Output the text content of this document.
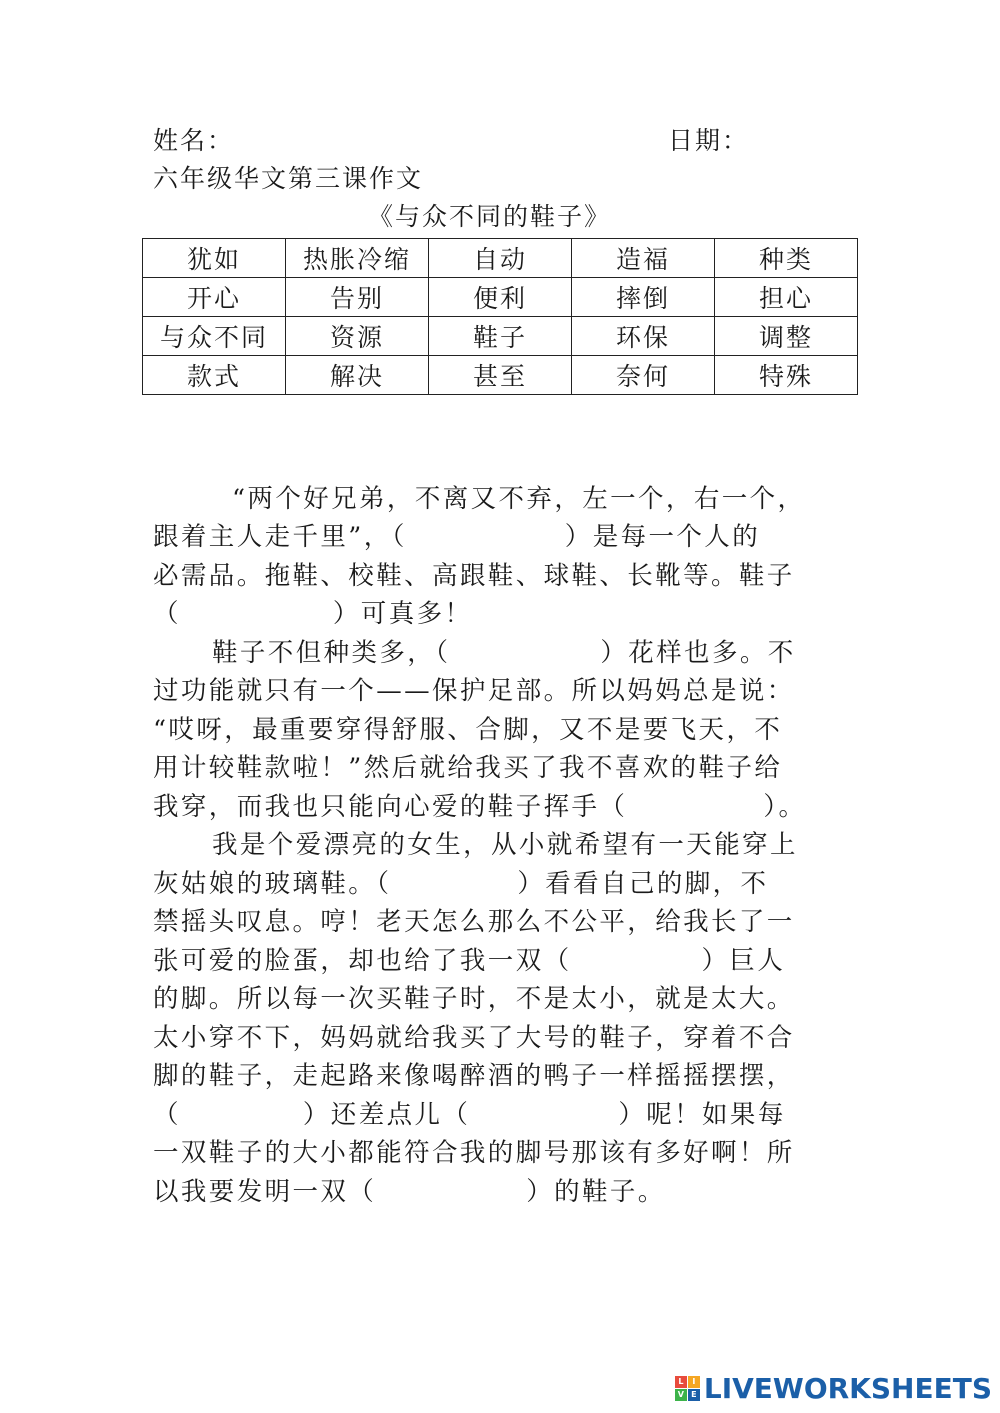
姓名：	日期：
六年级华文第三课作文
《与众不同的鞋子》
犹如	热胀冷缩	自动	造福	种类
开心	告别	便利	摔倒	担心
与众不同	资源	鞋子	环保	调整
款式	解决	甚至	奈何	特殊
“两个好兄弟，不离又不弃，左一个，右一个，
跟着主人走千里”，（	）是每一个人的
必需品。拖鞋、校鞋、高跟鞋、球鞋、长靴等。鞋子
（	）可真多！
鞋子不但种类多，（	）花样也多。不
过功能就只有一个——保护足部。所以妈妈总是说：
“哎呀，最重要穿得舒服、合脚，又不是要飞天，不
用计较鞋款啦！”然后就给我买了我不喜欢的鞋子给
我穿，而我也只能向心爱的鞋子挥手（	）。
我是个爱漂亮的女生，从小就希望有一天能穿上
灰姑娘的玻璃鞋。（	）看看自己的脚，不
禁摇头叹息。哼！老天怎么那么不公平，给我长了一
张可爱的脸蛋，却也给了我一双（	）巨人
的脚。所以每一次买鞋子时，不是太小，就是太大。
太小穿不下，妈妈就给我买了大号的鞋子，穿着不合
脚的鞋子，走起路来像喝醉酒的鸭子一样摇摇摆摆，
（	）还差点儿（	）呢！如果每
一双鞋子的大小都能符合我的脚号那该有多好啊！所
以我要发明一双（	）的鞋子。
L	I
V E LIVEWORKSHEETS
